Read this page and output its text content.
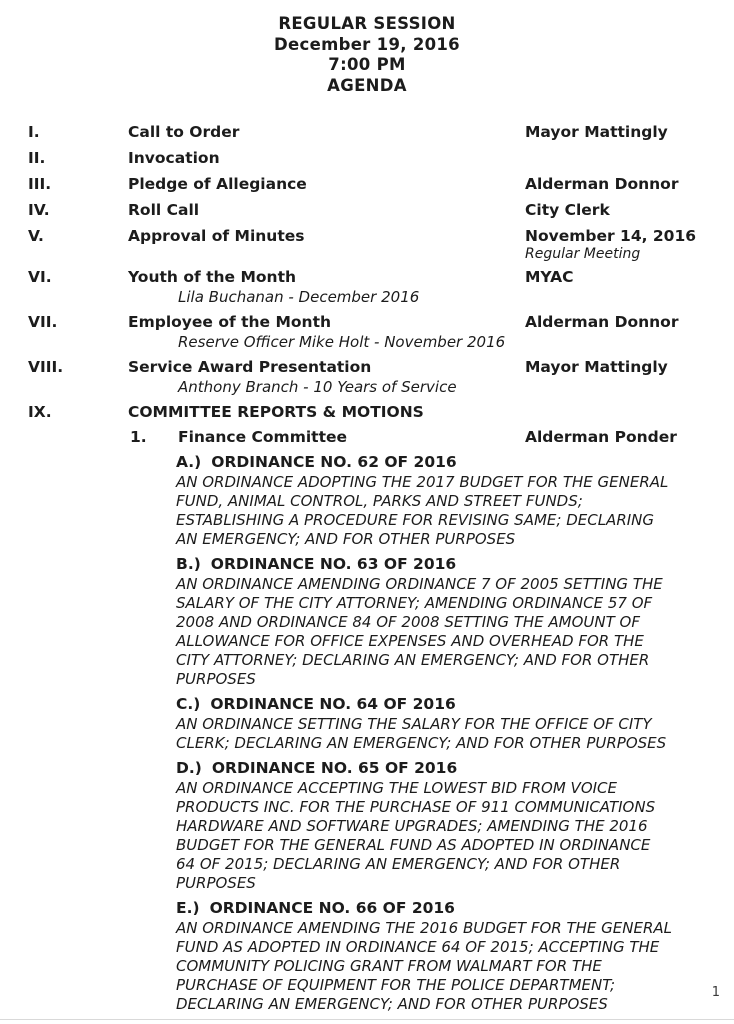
REGULAR SESSION
December 19, 2016
7:00 PM
AGENDA
I.	Call to Order	Mayor Mattingly
II.	Invocation
III.	Pledge of Allegiance	Alderman Donnor
IV.	Roll Call	City Clerk
V.	Approval of Minutes	November 14, 2016
Regular Meeting
VI.	Youth of the Month	MYAC
Lila Buchanan - December 2016
VII.	Employee of the Month	Alderman Donnor
Reserve Officer Mike Holt - November 2016
VIII.	Service Award Presentation	Mayor Mattingly
Anthony Branch - 10 Years of Service
IX.	COMMITTEE REPORTS & MOTIONS
1.	Finance Committee	Alderman Ponder
A.) ORDINANCE NO. 62 OF 2016
AN ORDINANCE ADOPTING THE 2017 BUDGET FOR THE GENERAL FUND, ANIMAL CONTROL, PARKS AND STREET FUNDS; ESTABLISHING A PROCEDURE FOR REVISING SAME; DECLARING AN EMERGENCY; AND FOR OTHER PURPOSES
B.) ORDINANCE NO. 63 OF 2016
AN ORDINANCE AMENDING ORDINANCE 7 OF 2005 SETTING THE SALARY OF THE CITY ATTORNEY; AMENDING ORDINANCE 57 OF 2008 AND ORDINANCE 84 OF 2008 SETTING THE AMOUNT OF ALLOWANCE FOR OFFICE EXPENSES AND OVERHEAD FOR THE CITY ATTORNEY; DECLARING AN EMERGENCY; AND FOR OTHER PURPOSES
C.) ORDINANCE NO. 64 OF 2016
AN ORDINANCE SETTING THE SALARY FOR THE OFFICE OF CITY CLERK; DECLARING AN EMERGENCY; AND FOR OTHER PURPOSES
D.) ORDINANCE NO. 65 OF 2016
AN ORDINANCE ACCEPTING THE LOWEST BID FROM VOICE PRODUCTS INC. FOR THE PURCHASE OF 911 COMMUNICATIONS HARDWARE AND SOFTWARE UPGRADES; AMENDING THE 2016 BUDGET FOR THE GENERAL FUND AS ADOPTED IN ORDINANCE 64 OF 2015; DECLARING AN EMERGENCY; AND FOR OTHER PURPOSES
E.) ORDINANCE NO. 66 OF 2016
AN ORDINANCE AMENDING THE 2016 BUDGET FOR THE GENERAL FUND AS ADOPTED IN ORDINANCE 64 OF 2015; ACCEPTING THE COMMUNITY POLICING GRANT FROM WALMART FOR THE PURCHASE OF EQUIPMENT FOR THE POLICE DEPARTMENT; DECLARING AN EMERGENCY; AND FOR OTHER PURPOSES
1
